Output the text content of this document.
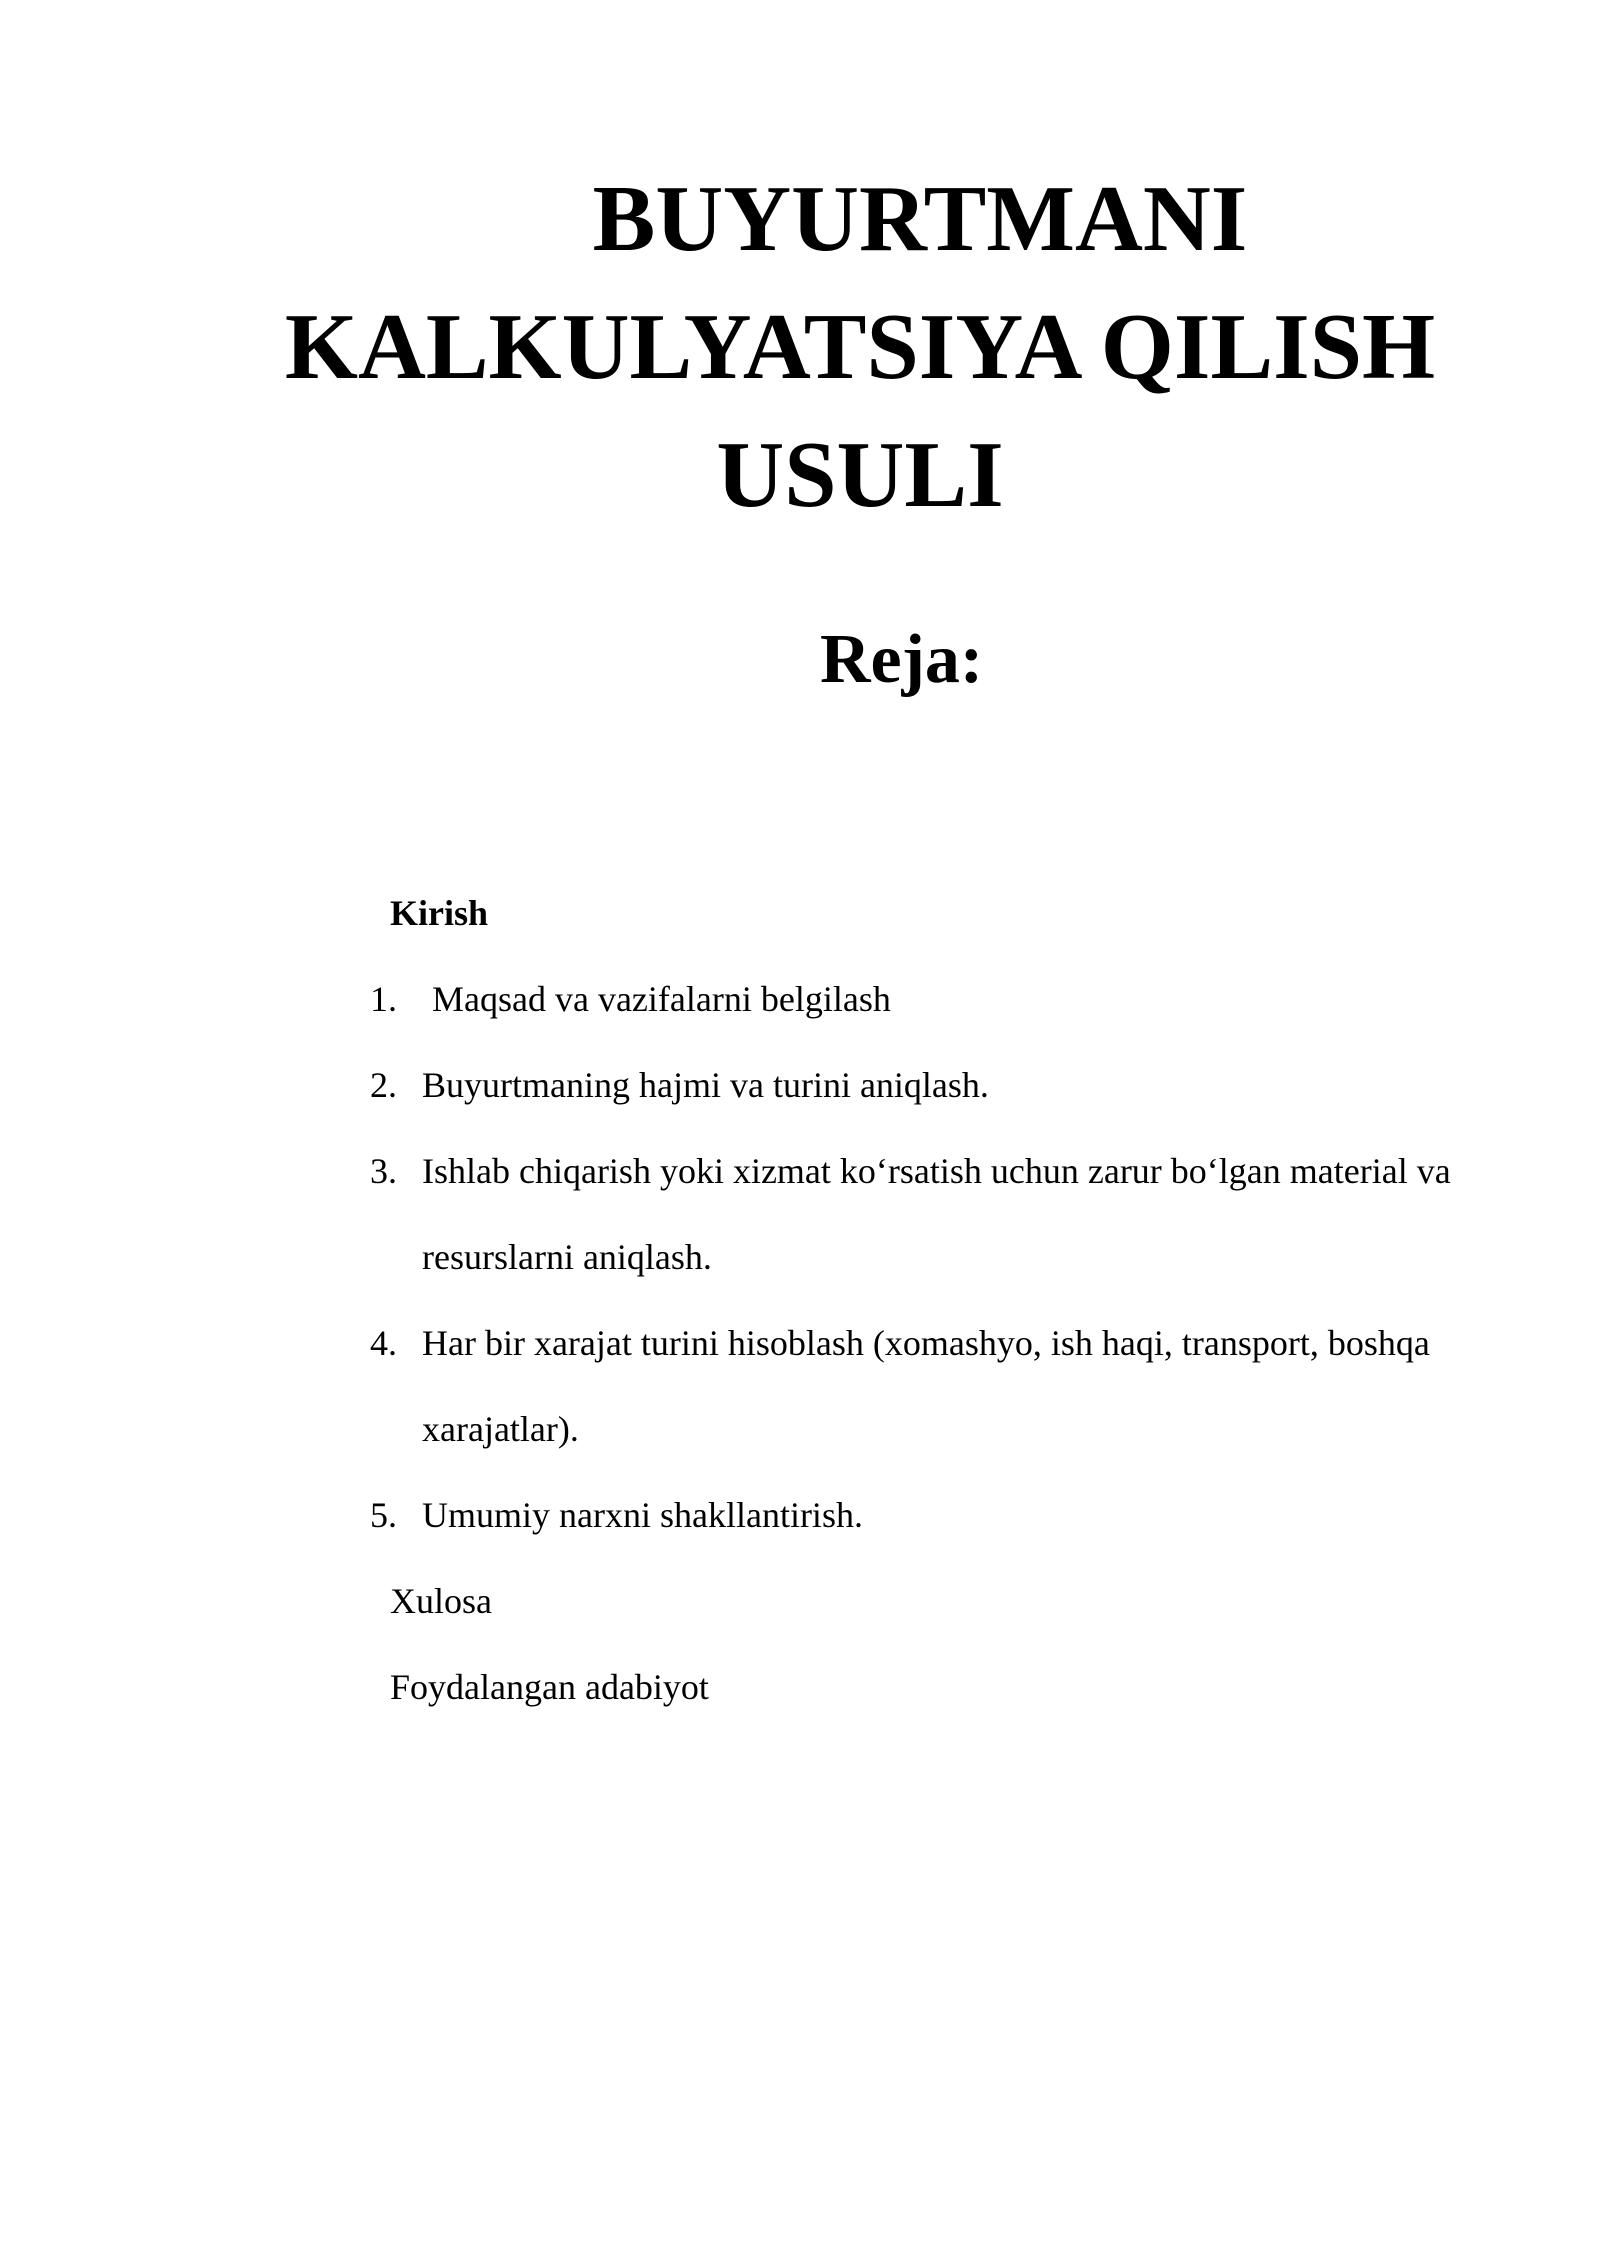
BUYURTMANI
KALKULYATSIYA QILISH
USULI
Reja:
Kirish
1. Maqsad va vazifalarni belgilash
2. Buyurtmaning hajmi va turini aniqlash.
3. Ishlab chiqarish yoki xizmat ko‘rsatish uchun zarur bo‘lgan material va resurslarni aniqlash.
4. Har bir xarajat turini hisoblash (xomashyo, ish haqi, transport, boshqa xarajatlar).
5. Umumiy narxni shakllantirish.
Xulosa
Foydalangan adabiyot
